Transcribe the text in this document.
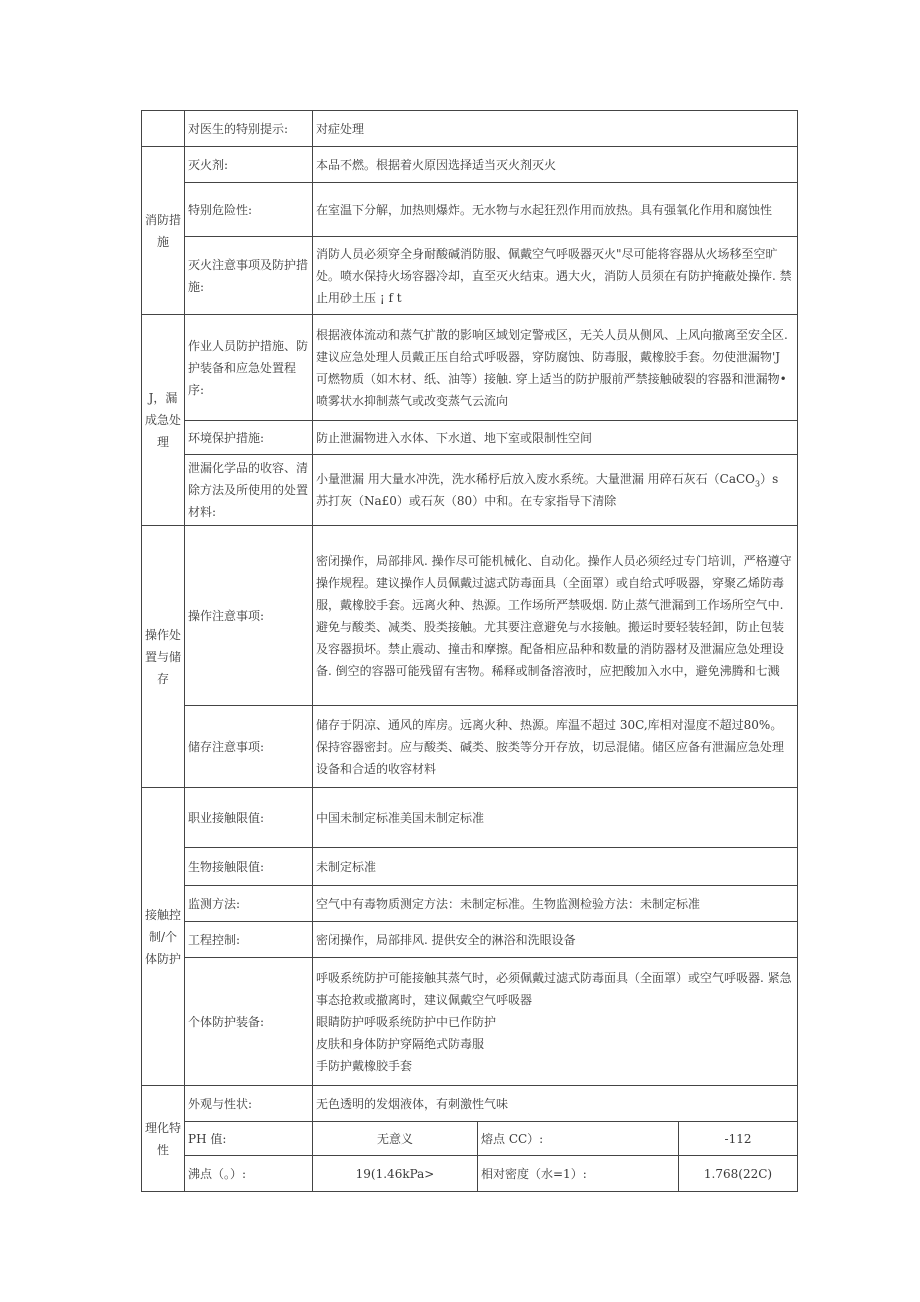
	对医生的特别提示:	对症处理		
消防措施	灭火剂:	本品不燃。根据着火原因选择适当灭火剂灭火		
	特别危险性:	在室温下分解，加热则爆炸。无水物与水起狂烈作用而放热。具有强氧化作用和腐蚀性		
	灭火注意事项及防护措施:	消防人员必须穿全身耐酸碱消防服、佩戴空气呼吸器灭火"尽可能将容器从火场移至空旷处。喷水保持火场容器冷却，直至灭火结束。遇大火，消防人员须在有防护掩蔽处操作. 禁止用砂土压 ¡ f t		
J，漏成急处理	作业人员防护措施、防护装备和应急处置程序:	根据液体流动和蒸气扩散的影响区域划定警戒区，无关人员从侧风、上风向撤离至安全区. 建议应急处理人员戴正压自给式呼吸器，穿防腐蚀、防毒服，戴橡胶手套。勿使泄漏物'J 可燃物质（如木材、纸、油等）接触. 穿上适当的防护服前严禁接触破裂的容器和泄漏物•喷雾状水抑制蒸气或改变蒸气云流向		
	环境保护措施:	防止泄漏物进入水体、下水道、地下室或限制性空间		
	泄漏化学品的收容、清除方法及所使用的处置材料:	小量泄漏 用大量水冲洗，洗水稀杼后放入废水系统。大量泄漏 用碎石灰石（CaCO$_3$）s 苏打灰（Na£0）或石灰（80）中和。在专家指导下清除		
操作处置与储存	操作注意事项:	密闭操作，局部排风. 操作尽可能机械化、自动化。操作人员必须经过专门培训，严格遵守操作规程。建议操作人员佩戴过滤式防毒面具（全面罩）或自给式呼吸器，穿聚乙烯防毒服，戴橡胶手套。远离火种、热源。工作场所严禁吸烟. 防止蒸气泄漏到工作场所空气中. 避免与酸类、减类、股类接触。尤其要注意避免与水接触。搬运时要轻装轻卸，防止包装及容器损坏。禁止震动、撞击和摩擦。配备相应品种和数量的消防器材及泄漏应急处理设备. 倒空的容器可能残留有害物。稀释或制备溶液时，应把酸加入水中，避免沸腾和七溅		
	储存注意事项:	储存于阴凉、通风的库房。远离火种、热源。库温不超过 30C,库相对湿度不超过80%。保持容器密封。应与酸类、碱类、胺类等分开存放，切忌混储。储区应备有泄漏应急处理设备和合适的收容材料		
接触控制/个体防护	职业接触限值:	中国未制定标准美国未制定标准		
	生物接触限值:	未制定标准		
	监测方法:	空气中有毒物质测定方法：未制定标准。生物监测检验方法：未制定标准		
	工程控制:	密闭操作，局部排风. 提供安全的淋浴和洗眼设备		
	个体防护装备:	呼吸系统防护可能接触其蒸气时，必须佩戴过滤式防毒面具（全面罩）或空气呼吸器. 紧急事态抢救或撤离时，建议佩戴空气呼吸器
眼睛防护呼吸系统防护中已作防护
皮肤和身体防护穿隔绝式防毒服
手防护戴橡胶手套		

理化特性	外观与性状:	无色透明的发烟液体，有刺激性气味		
	PH 值:	无意义	熔点 CC）:	-112
	沸点（。）:	19(1.46kPa>	相对密度（水=1）:	1.768(22C)
